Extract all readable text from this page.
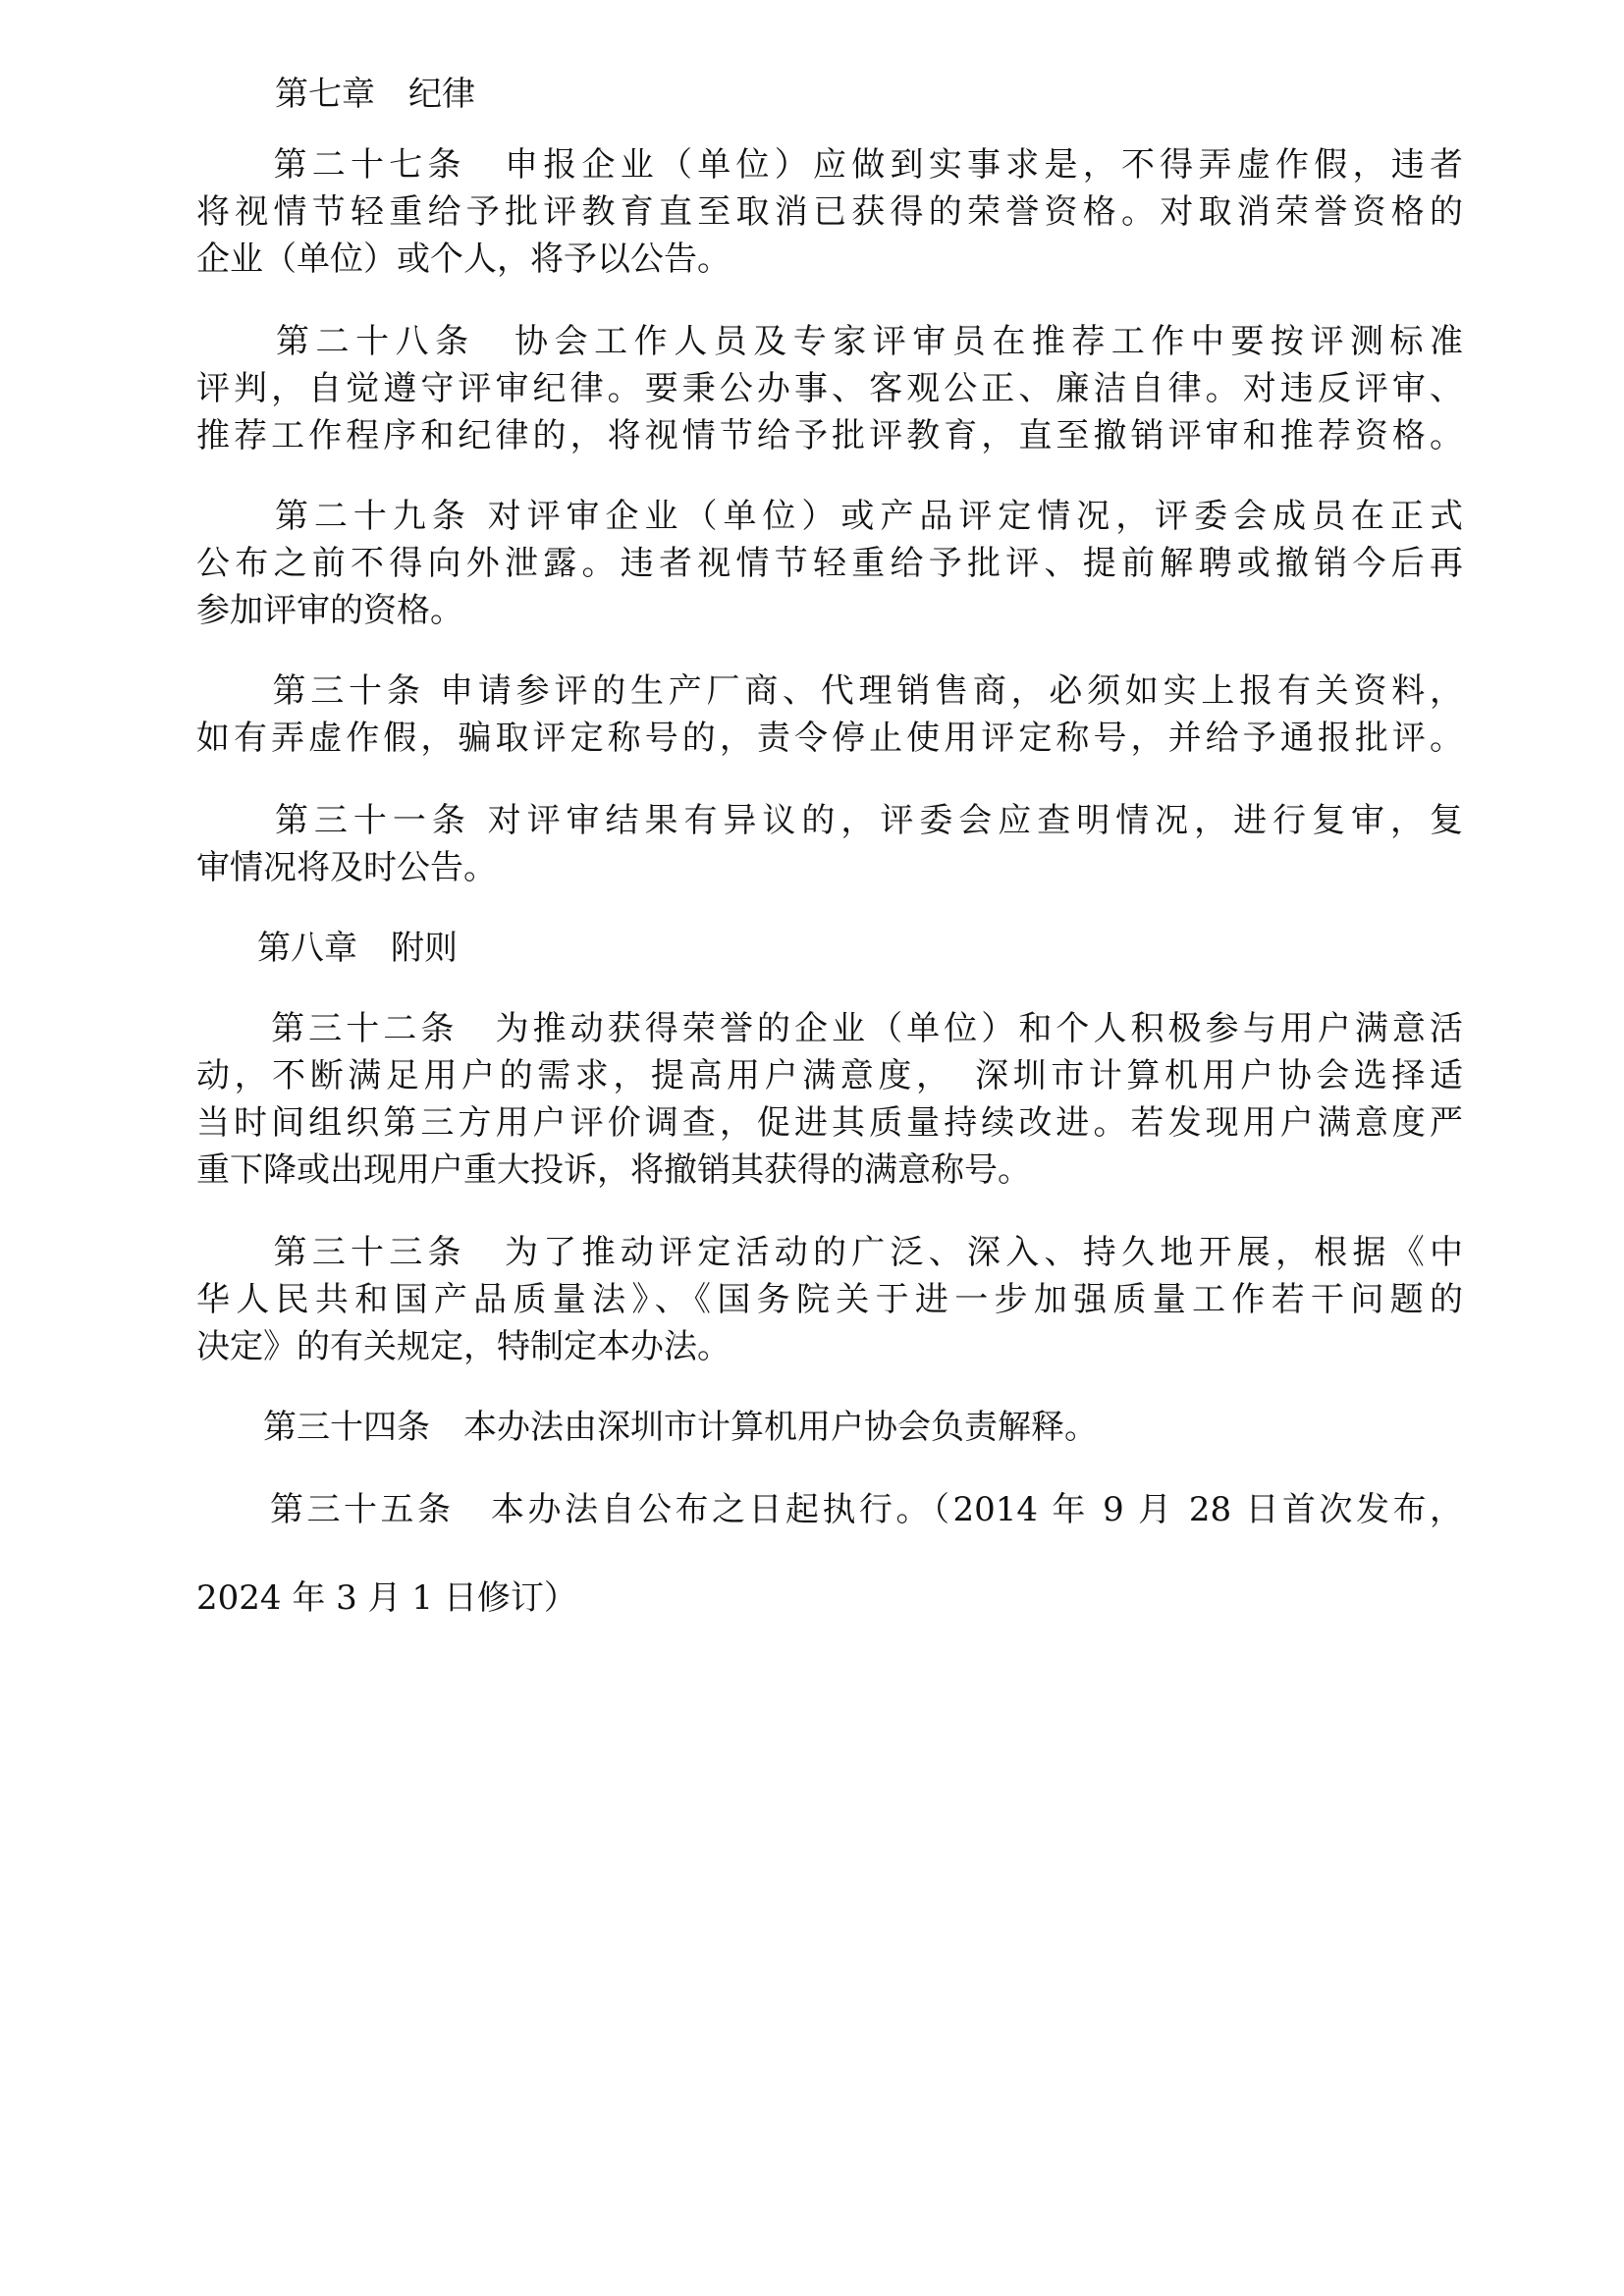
第七章　纪律
　　第二十七条　申报企业（单位）应做到实事求是，不得弄虚作假，违者
将视情节轻重给予批评教育直至取消已获得的荣誉资格。对取消荣誉资格的
企业（单位）或个人，将予以公告。
　　第二十八条　协会工作人员及专家评审员在推荐工作中要按评测标准
评判，自觉遵守评审纪律。要秉公办事、客观公正、廉洁自律。对违反评审、
推荐工作程序和纪律的，将视情节给予批评教育，直至撤销评审和推荐资格。
　　第二十九条 对评审企业（单位）或产品评定情况，评委会成员在正式
公布之前不得向外泄露。违者视情节轻重给予批评、提前解聘或撤销今后再
参加评审的资格。
　　第三十条 申请参评的生产厂商、代理销售商，必须如实上报有关资料，
如有弄虚作假，骗取评定称号的，责令停止使用评定称号，并给予通报批评。
　　第三十一条 对评审结果有异议的，评委会应查明情况，进行复审，复
审情况将及时公告。
第八章　附则
　　第三十二条　为推动获得荣誉的企业（单位）和个人积极参与用户满意活
动，不断满足用户的需求，提高用户满意度，　深圳市计算机用户协会选择适
当时间组织第三方用户评价调查，促进其质量持续改进。若发现用户满意度严
重下降或出现用户重大投诉，将撤销其获得的满意称号。
　　第三十三条　为了推动评定活动的广泛、深入、持久地开展，根据《中
华人民共和国产品质量法》、《国务院关于进一步加强质量工作若干问题的
决定》的有关规定，特制定本办法。
　　第三十四条　本办法由深圳市计算机用户协会负责解释。
　　第三十五条　本办法自公布之日起执行。（2014 年 9 月 28 日首次发布，
2024 年 3 月 1 日修订）
